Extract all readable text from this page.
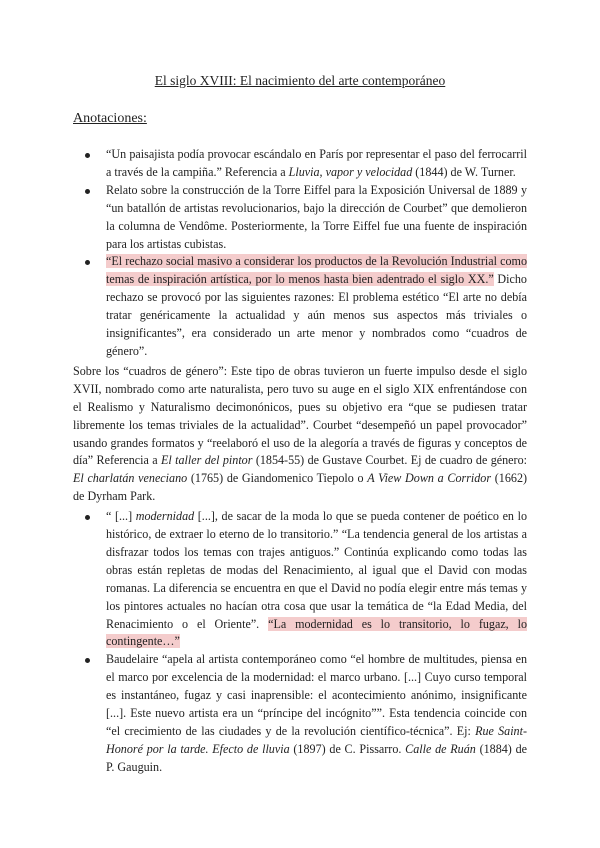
El siglo XVIII: El nacimiento del arte contemporáneo
Anotaciones:
“Un paisajista podía provocar escándalo en París por representar el paso del ferrocarril a través de la campiña.” Referencia a Lluvia, vapor y velocidad (1844) de W. Turner.
Relato sobre la construcción de la Torre Eiffel para la Exposición Universal de 1889 y “un batallón de artistas revolucionarios, bajo la dirección de Courbet” que demolieron la columna de Vendôme. Posteriormente, la Torre Eiffel fue una fuente de inspiración para los artistas cubistas.
“El rechazo social masivo a considerar los productos de la Revolución Industrial como temas de inspiración artística, por lo menos hasta bien adentrado el siglo XX.” Dicho rechazo se provocó por las siguientes razones: El problema estético “El arte no debía tratar genéricamente la actualidad y aún menos sus aspectos más triviales o insignificantes”, era considerado un arte menor y nombrados como “cuadros de género”.

Sobre los “cuadros de género”: Este tipo de obras tuvieron un fuerte impulso desde el siglo XVII, nombrado como arte naturalista, pero tuvo su auge en el siglo XIX enfrentándose con el Realismo y Naturalismo decimonónicos, pues su objetivo era “que se pudiesen tratar libremente los temas triviales de la actualidad”. Courbet “desempeñó un papel provocador” usando grandes formatos y “reelaboró el uso de la alegoría a través de figuras y conceptos de día” Referencia a El taller del pintor (1854-55) de Gustave Courbet. Ej de cuadro de género: El charlatán veneciano (1765) de Giandomenico Tiepolo o A View Down a Corridor (1662) de Dyrham Park.

“ [...] modernidad [...], de sacar de la moda lo que se pueda contener de poético en lo histórico, de extraer lo eterno de lo transitorio.” “La tendencia general de los artistas a disfrazar todos los temas con trajes antiguos.” Continúa explicando como todas las obras están repletas de modas del Renacimiento, al igual que el David con modas romanas. La diferencia se encuentra en que el David no podía elegir entre más temas y los pintores actuales no hacían otra cosa que usar la temática de “la Edad Media, del Renacimiento o el Oriente”. “La modernidad es lo transitorio, lo fugaz, lo contingente…”
Baudelaire “apela al artista contemporáneo como “el hombre de multitudes, piensa en el marco por excelencia de la modernidad: el marco urbano. [...] Cuyo curso temporal es instantáneo, fugaz y casi inaprensible: el acontecimiento anónimo, insignificante [...]. Este nuevo artista era un “príncipe del incógnito””. Esta tendencia coincide con “el crecimiento de las ciudades y de la revolución científico-técnica”. Ej: Rue Saint-Honoré por la tarde. Efecto de lluvia (1897) de C. Pissarro. Calle de Ruán (1884) de P. Gauguin.
